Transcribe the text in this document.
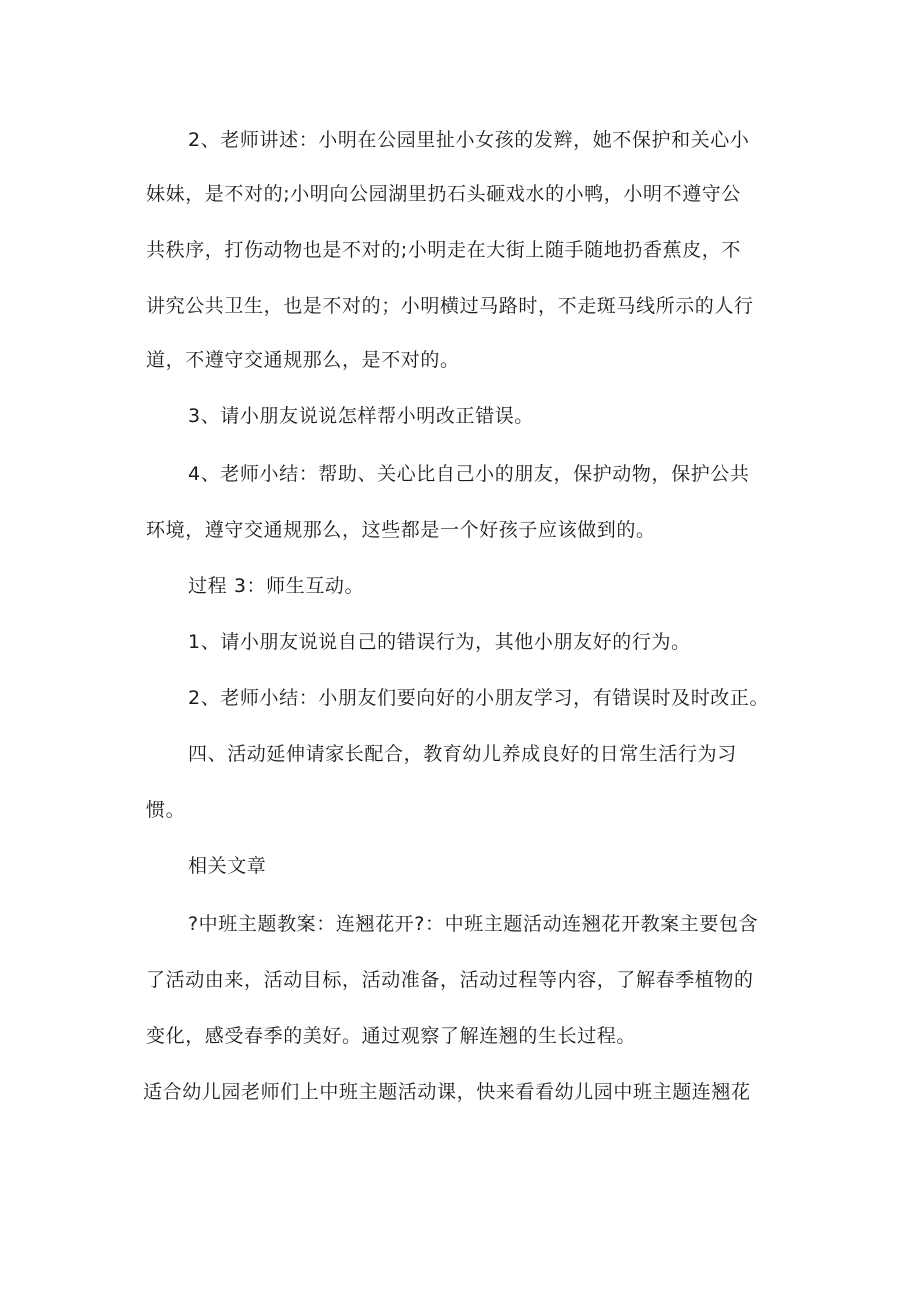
2、老师讲述：小明在公园里扯小女孩的发辫，她不保护和关心小
妹妹，是不对的;小明向公园湖里扔石头砸戏水的小鸭，小明不遵守公
共秩序，打伤动物也是不对的;小明走在大街上随手随地扔香蕉皮，不
讲究公共卫生，也是不对的；小明横过马路时，不走斑马线所示的人行
道，不遵守交通规那么，是不对的。
3、请小朋友说说怎样帮小明改正错误。
4、老师小结：帮助、关心比自己小的朋友，保护动物，保护公共
环境，遵守交通规那么，这些都是一个好孩子应该做到的。
过程 3：师生互动。
1、请小朋友说说自己的错误行为，其他小朋友好的行为。
2、老师小结：小朋友们要向好的小朋友学习，有错误时及时改正。
四、活动延伸请家长配合，教育幼儿养成良好的日常生活行为习
惯。
相关文章
?中班主题教案：连翘花开?：中班主题活动连翘花开教案主要包含
了活动由来，活动目标，活动准备，活动过程等内容，了解春季植物的
变化，感受春季的美好。通过观察了解连翘的生长过程。
适合幼儿园老师们上中班主题活动课，快来看看幼儿园中班主题连翘花
